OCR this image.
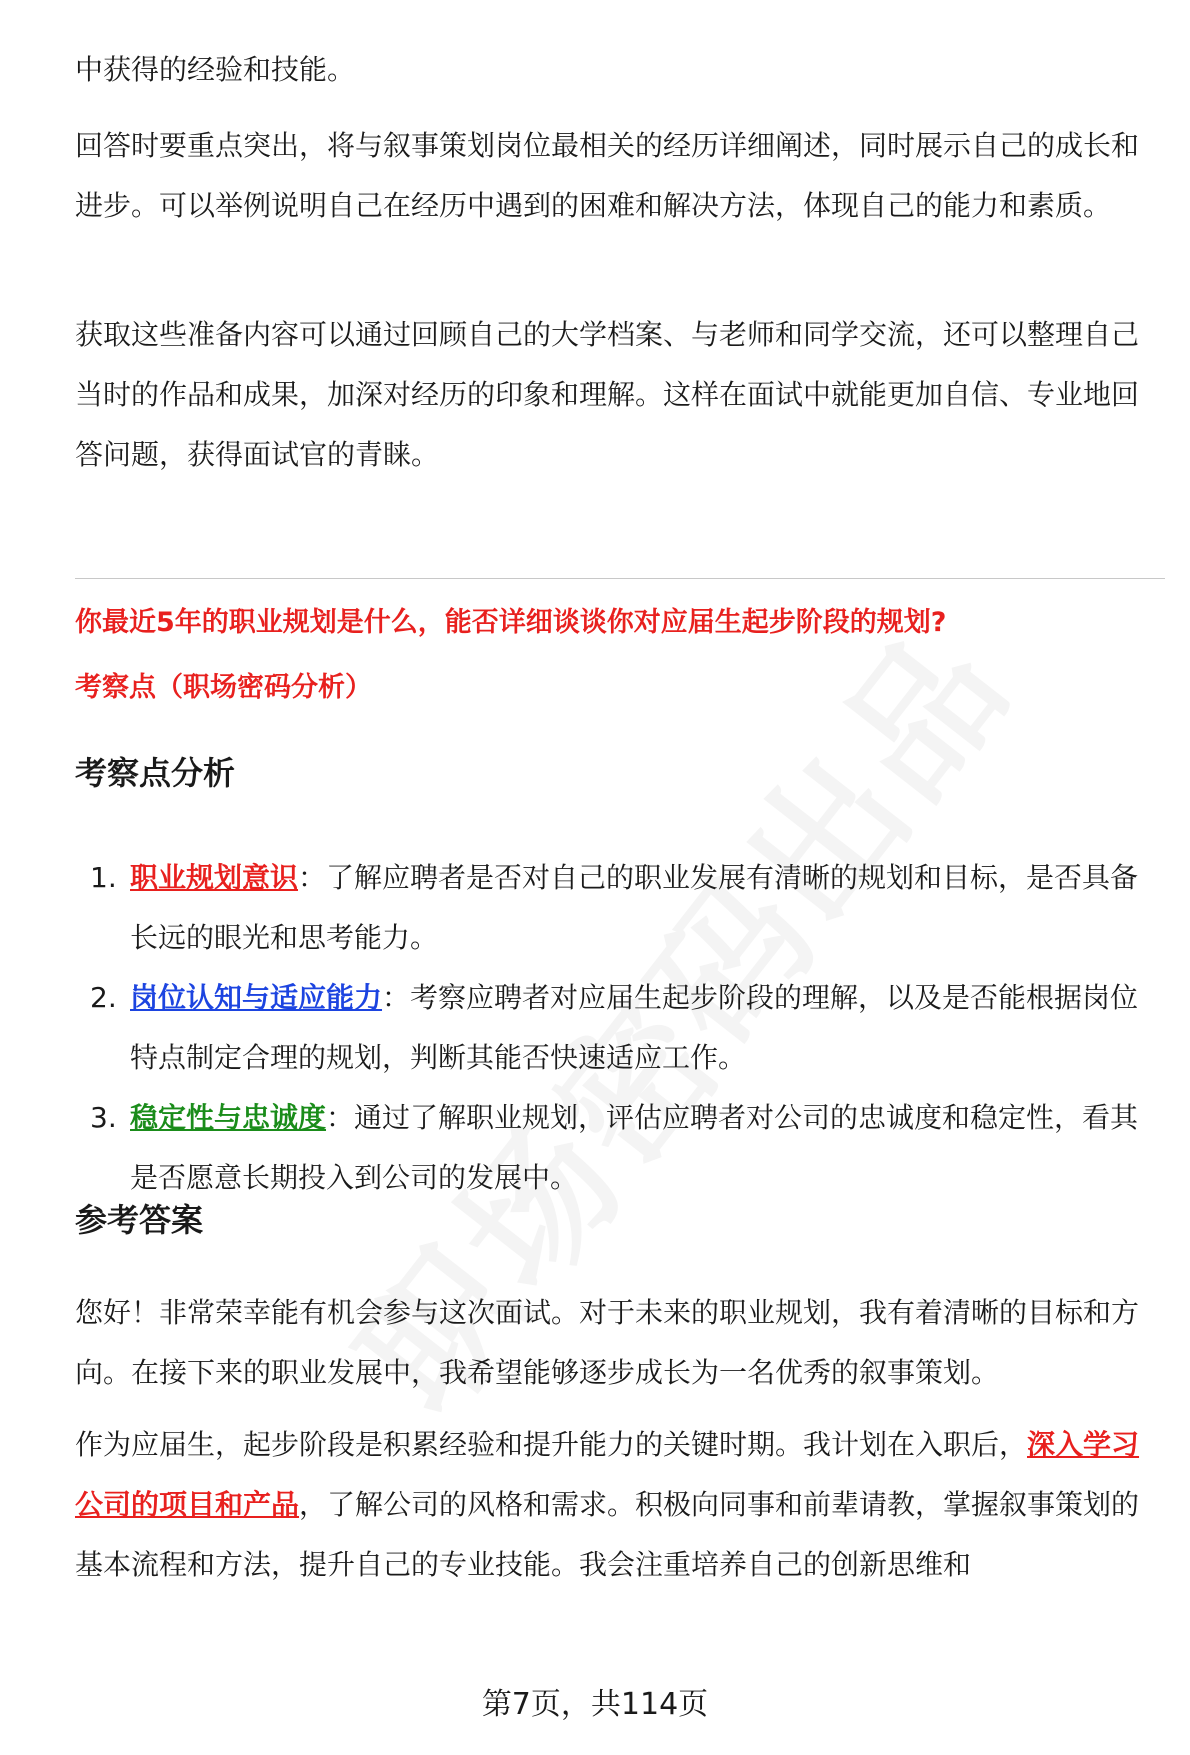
中获得的经验和技能。

回答时要重点突出，将与叙事策划岗位最相关的经历详细阐述，同时展示自己的成长和进步。可以举例说明自己在经历中遇到的困难和解决方法，体现自己的能力和素质。

获取这些准备内容可以通过回顾自己的大学档案、与老师和同学交流，还可以整理自己当时的作品和成果，加深对经历的印象和理解。这样在面试中就能更加自信、专业地回答问题，获得面试官的青睐。

你最近5年的职业规划是什么，能否详细谈谈你对应届生起步阶段的规划?

考察点（职场密码分析）

考察点分析
1. 职业规划意识：了解应聘者是否对自己的职业发展有清晰的规划和目标，是否具备长远的眼光和思考能力。
2. 岗位认知与适应能力：考察应聘者对应届生起步阶段的理解，以及是否能根据岗位特点制定合理的规划，判断其能否快速适应工作。
3. 稳定性与忠诚度：通过了解职业规划，评估应聘者对公司的忠诚度和稳定性，看其是否愿意长期投入到公司的发展中。
参考答案

您好！非常荣幸能有机会参与这次面试。对于未来的职业规划，我有着清晰的目标和方向。在接下来的职业发展中，我希望能够逐步成长为一名优秀的叙事策划。

作为应届生，起步阶段是积累经验和提升能力的关键时期。我计划在入职后，深入学习公司的项目和产品，了解公司的风格和需求。积极向同事和前辈请教，掌握叙事策划的基本流程和方法，提升自己的专业技能。我会注重培养自己的创新思维和

第7页，共114页
